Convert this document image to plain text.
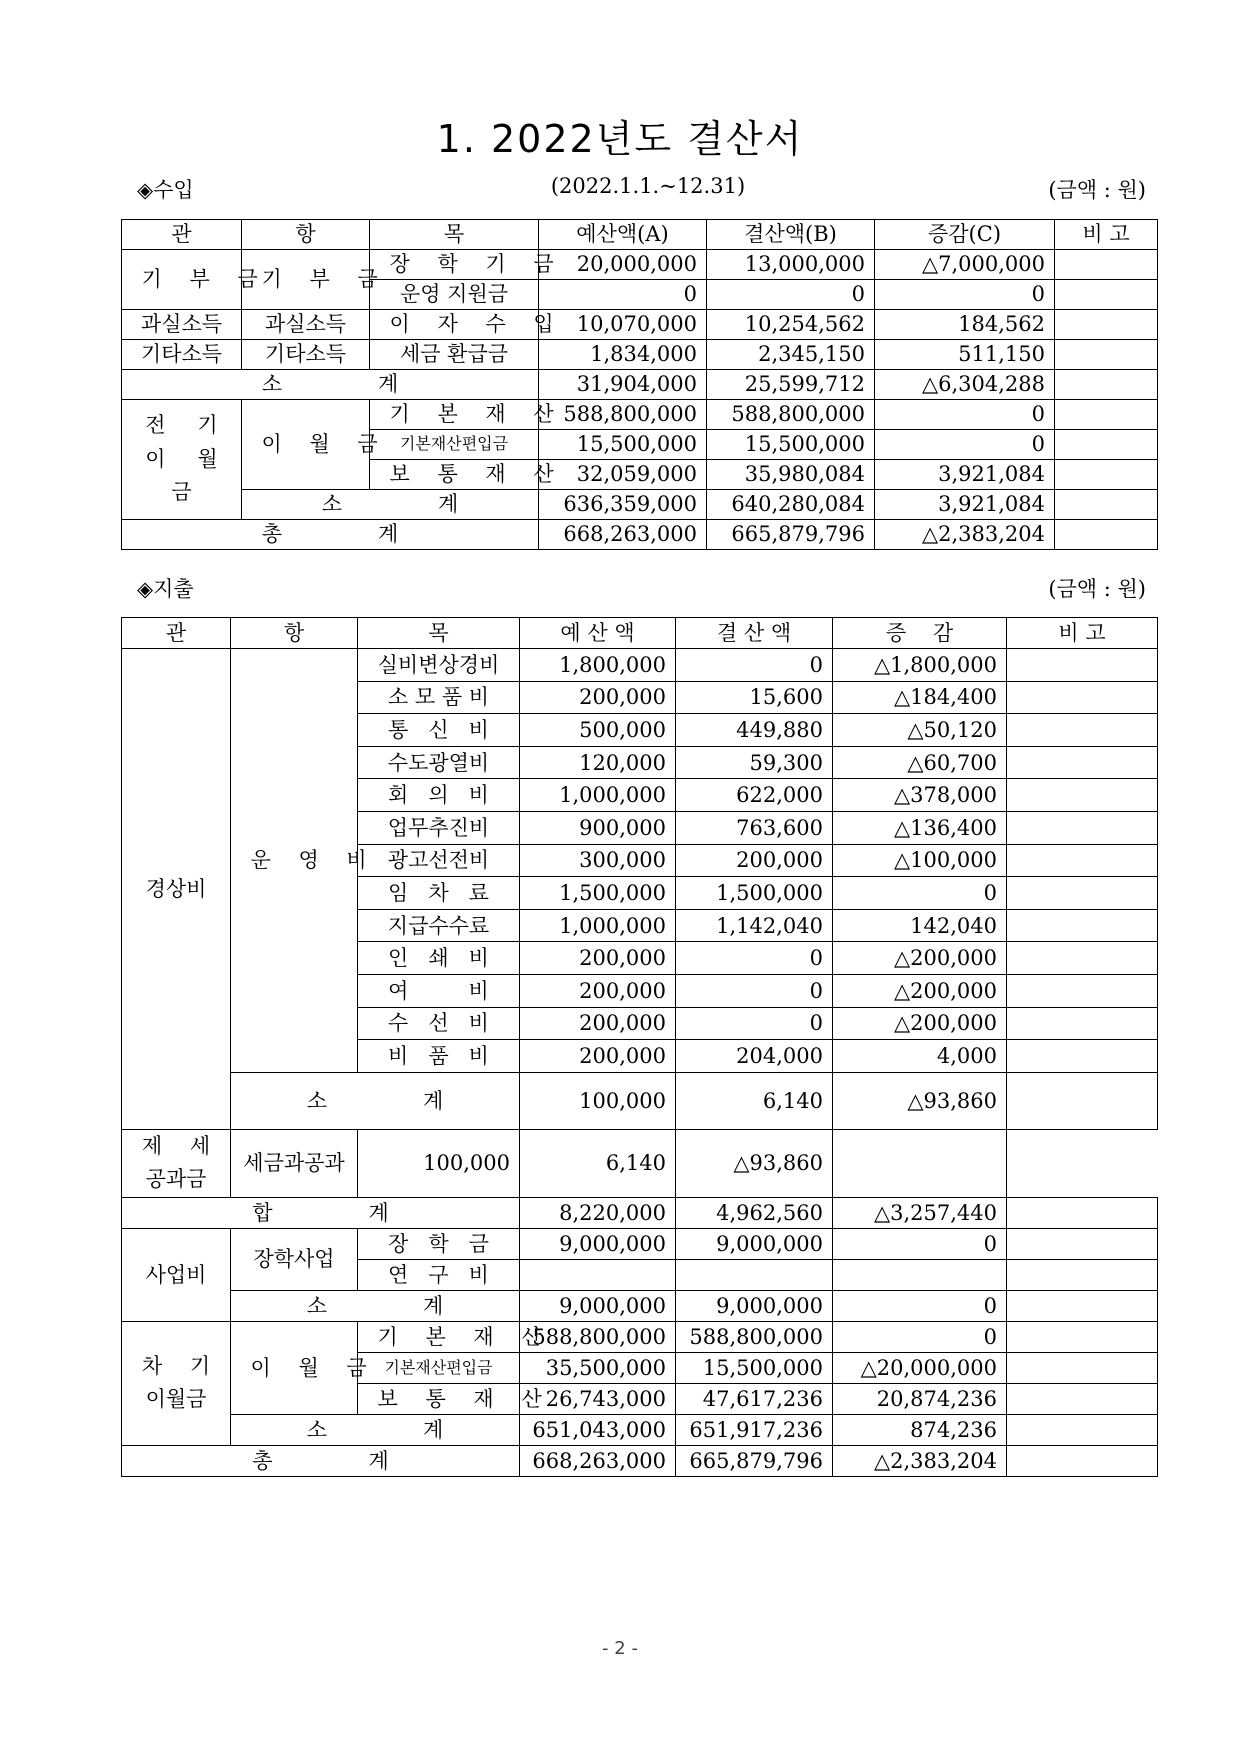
1. 2022년도 결산서
◈수입	(2022.1.1.~12.31)	(금액 : 원)
관	항	목	예산액(A)	결산액(B)	증감(C)	비 고
기 부 금	기 부 금	장 학 기 금	20,000,000	13,000,000	△7,000,000	
		운영 지원금	0	0	0	
과실소득	과실소득	이 자 수 입	10,070,000	10,254,562	184,562	
기타소득	기타소득	세금 환급금	1,834,000	2,345,150	511,150	
소 계			31,904,000	25,599,712	△6,304,288	

전 기
이 월 금	이 월 금	기 본 재 산	588,800,000	588,800,000	0	
		기본재산편입금	15,500,000	15,500,000	0	
		보 통 재 산	32,059,000	35,980,084	3,921,084	
	소 계		636,359,000	640,280,084	3,921,084	
총 계			668,263,000	665,879,796	△2,383,204	
◈지출	(금액 : 원)
관	항	목	예 산 액	결 산 액	증    감	비 고
경상비	운 영 비	실비변상경비	1,800,000	0	△1,800,000	
		소 모 품 비	200,000	15,600	△184,400	
		통   신   비	500,000	449,880	△50,120	
		수도광열비	120,000	59,300	△60,700	
		회   의   비	1,000,000	622,000	△378,000	
		업무추진비	900,000	763,600	△136,400	
		광고선전비	300,000	200,000	△100,000	
		임   차   료	1,500,000	1,500,000	0	
		지급수수료	1,000,000	1,142,040	142,040	
		인   쇄   비	200,000	0	△200,000	
		여         비	200,000	0	△200,000	
		수   선   비	200,000	0	△200,000	
		비   품   비	200,000	204,000	4,000	
	소 계		100,000	6,140	△93,860	

제 세
공과금	세금과공과	100,000	6,140	△93,860		

합 계			8,220,000	4,962,560	△3,257,440	
사업비	장학사업	장   학   금	9,000,000	9,000,000	0	
		연   구   비				
	소 계		9,000,000	9,000,000	0	

차 기
이월금	이 월 금	기 본 재 산	588,800,000	588,800,000	0	
		기본재산편입금	35,500,000	15,500,000	△20,000,000	
		보 통 재 산	26,743,000	47,617,236	20,874,236	
	소 계		651,043,000	651,917,236	874,236	
총 계			668,263,000	665,879,796	△2,383,204	
- 2 -
